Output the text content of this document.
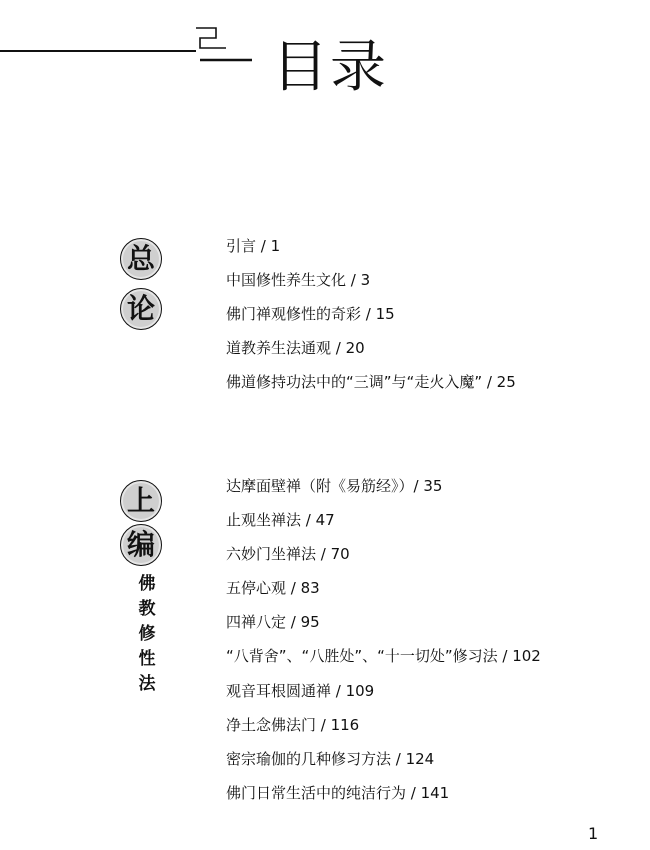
目录
总
论
引言 / 1
中国修性养生文化 / 3
佛门禅观修性的奇彩 / 15
道教养生法通观 / 20
佛道修持功法中的“三调”与“走火入魔” / 25
上
编
佛
教
修
性
法
达摩面壁禅（附《易筋经》）/ 35
止观坐禅法 / 47
六妙门坐禅法 / 70
五停心观 / 83
四禅八定 / 95
“八背舍”、“八胜处”、“十一切处”修习法 / 102
观音耳根圆通禅 / 109
净土念佛法门 / 116
密宗瑜伽的几种修习方法 / 124
佛门日常生活中的纯洁行为 / 141
1
